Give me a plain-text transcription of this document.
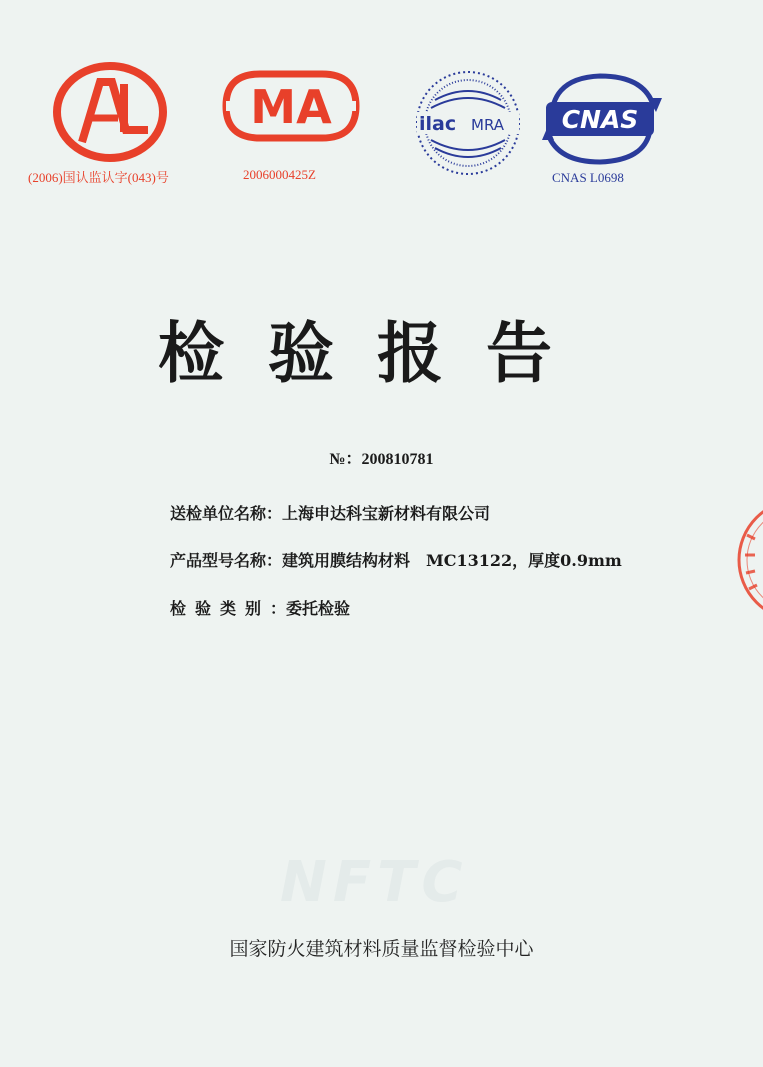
(2006)国认监认字(043)号
MA
2006000425Z
ilac MRA CNAS
CNAS L0698
检 验 报 告
№：200810781
送检单位名称：上海申达科宝新材料有限公司
产品型号名称：建筑用膜结构材料　MC13122，厚度0.9mm
检验类别：委托检验
NFTC
国家防火建筑材料质量监督检验中心
